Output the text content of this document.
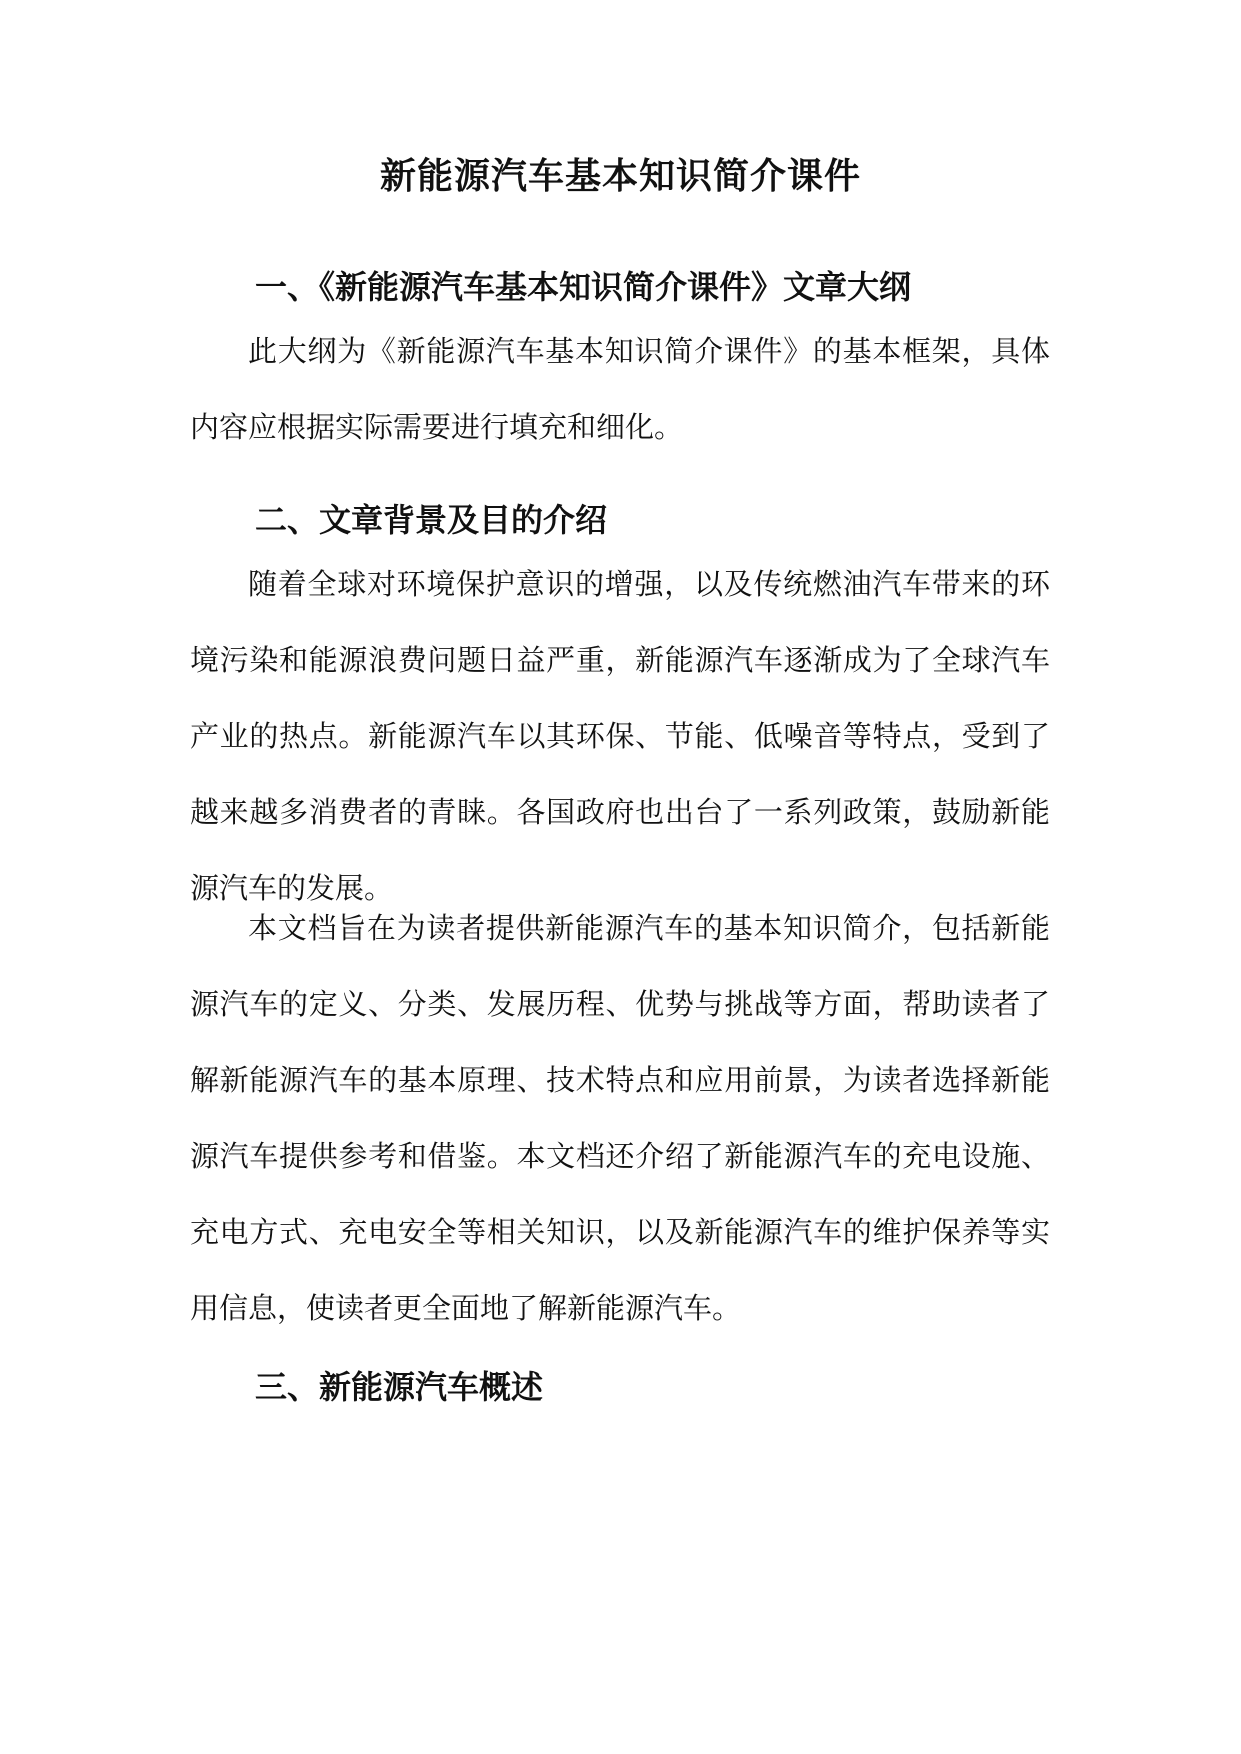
新能源汽车基本知识简介课件
一、《新能源汽车基本知识简介课件》文章大纲

此大纲为《新能源汽车基本知识简介课件》的基本框架，具体内容应根据实际需要进行填充和细化。

二、文章背景及目的介绍

随着全球对环境保护意识的增强，以及传统燃油汽车带来的环境污染和能源浪费问题日益严重，新能源汽车逐渐成为了全球汽车产业的热点。新能源汽车以其环保、节能、低噪音等特点，受到了越来越多消费者的青睐。各国政府也出台了一系列政策，鼓励新能源汽车的发展。

本文档旨在为读者提供新能源汽车的基本知识简介，包括新能源汽车的定义、分类、发展历程、优势与挑战等方面，帮助读者了解新能源汽车的基本原理、技术特点和应用前景，为读者选择新能源汽车提供参考和借鉴。本文档还介绍了新能源汽车的充电设施、充电方式、充电安全等相关知识，以及新能源汽车的维护保养等实用信息，使读者更全面地了解新能源汽车。

三、新能源汽车概述
